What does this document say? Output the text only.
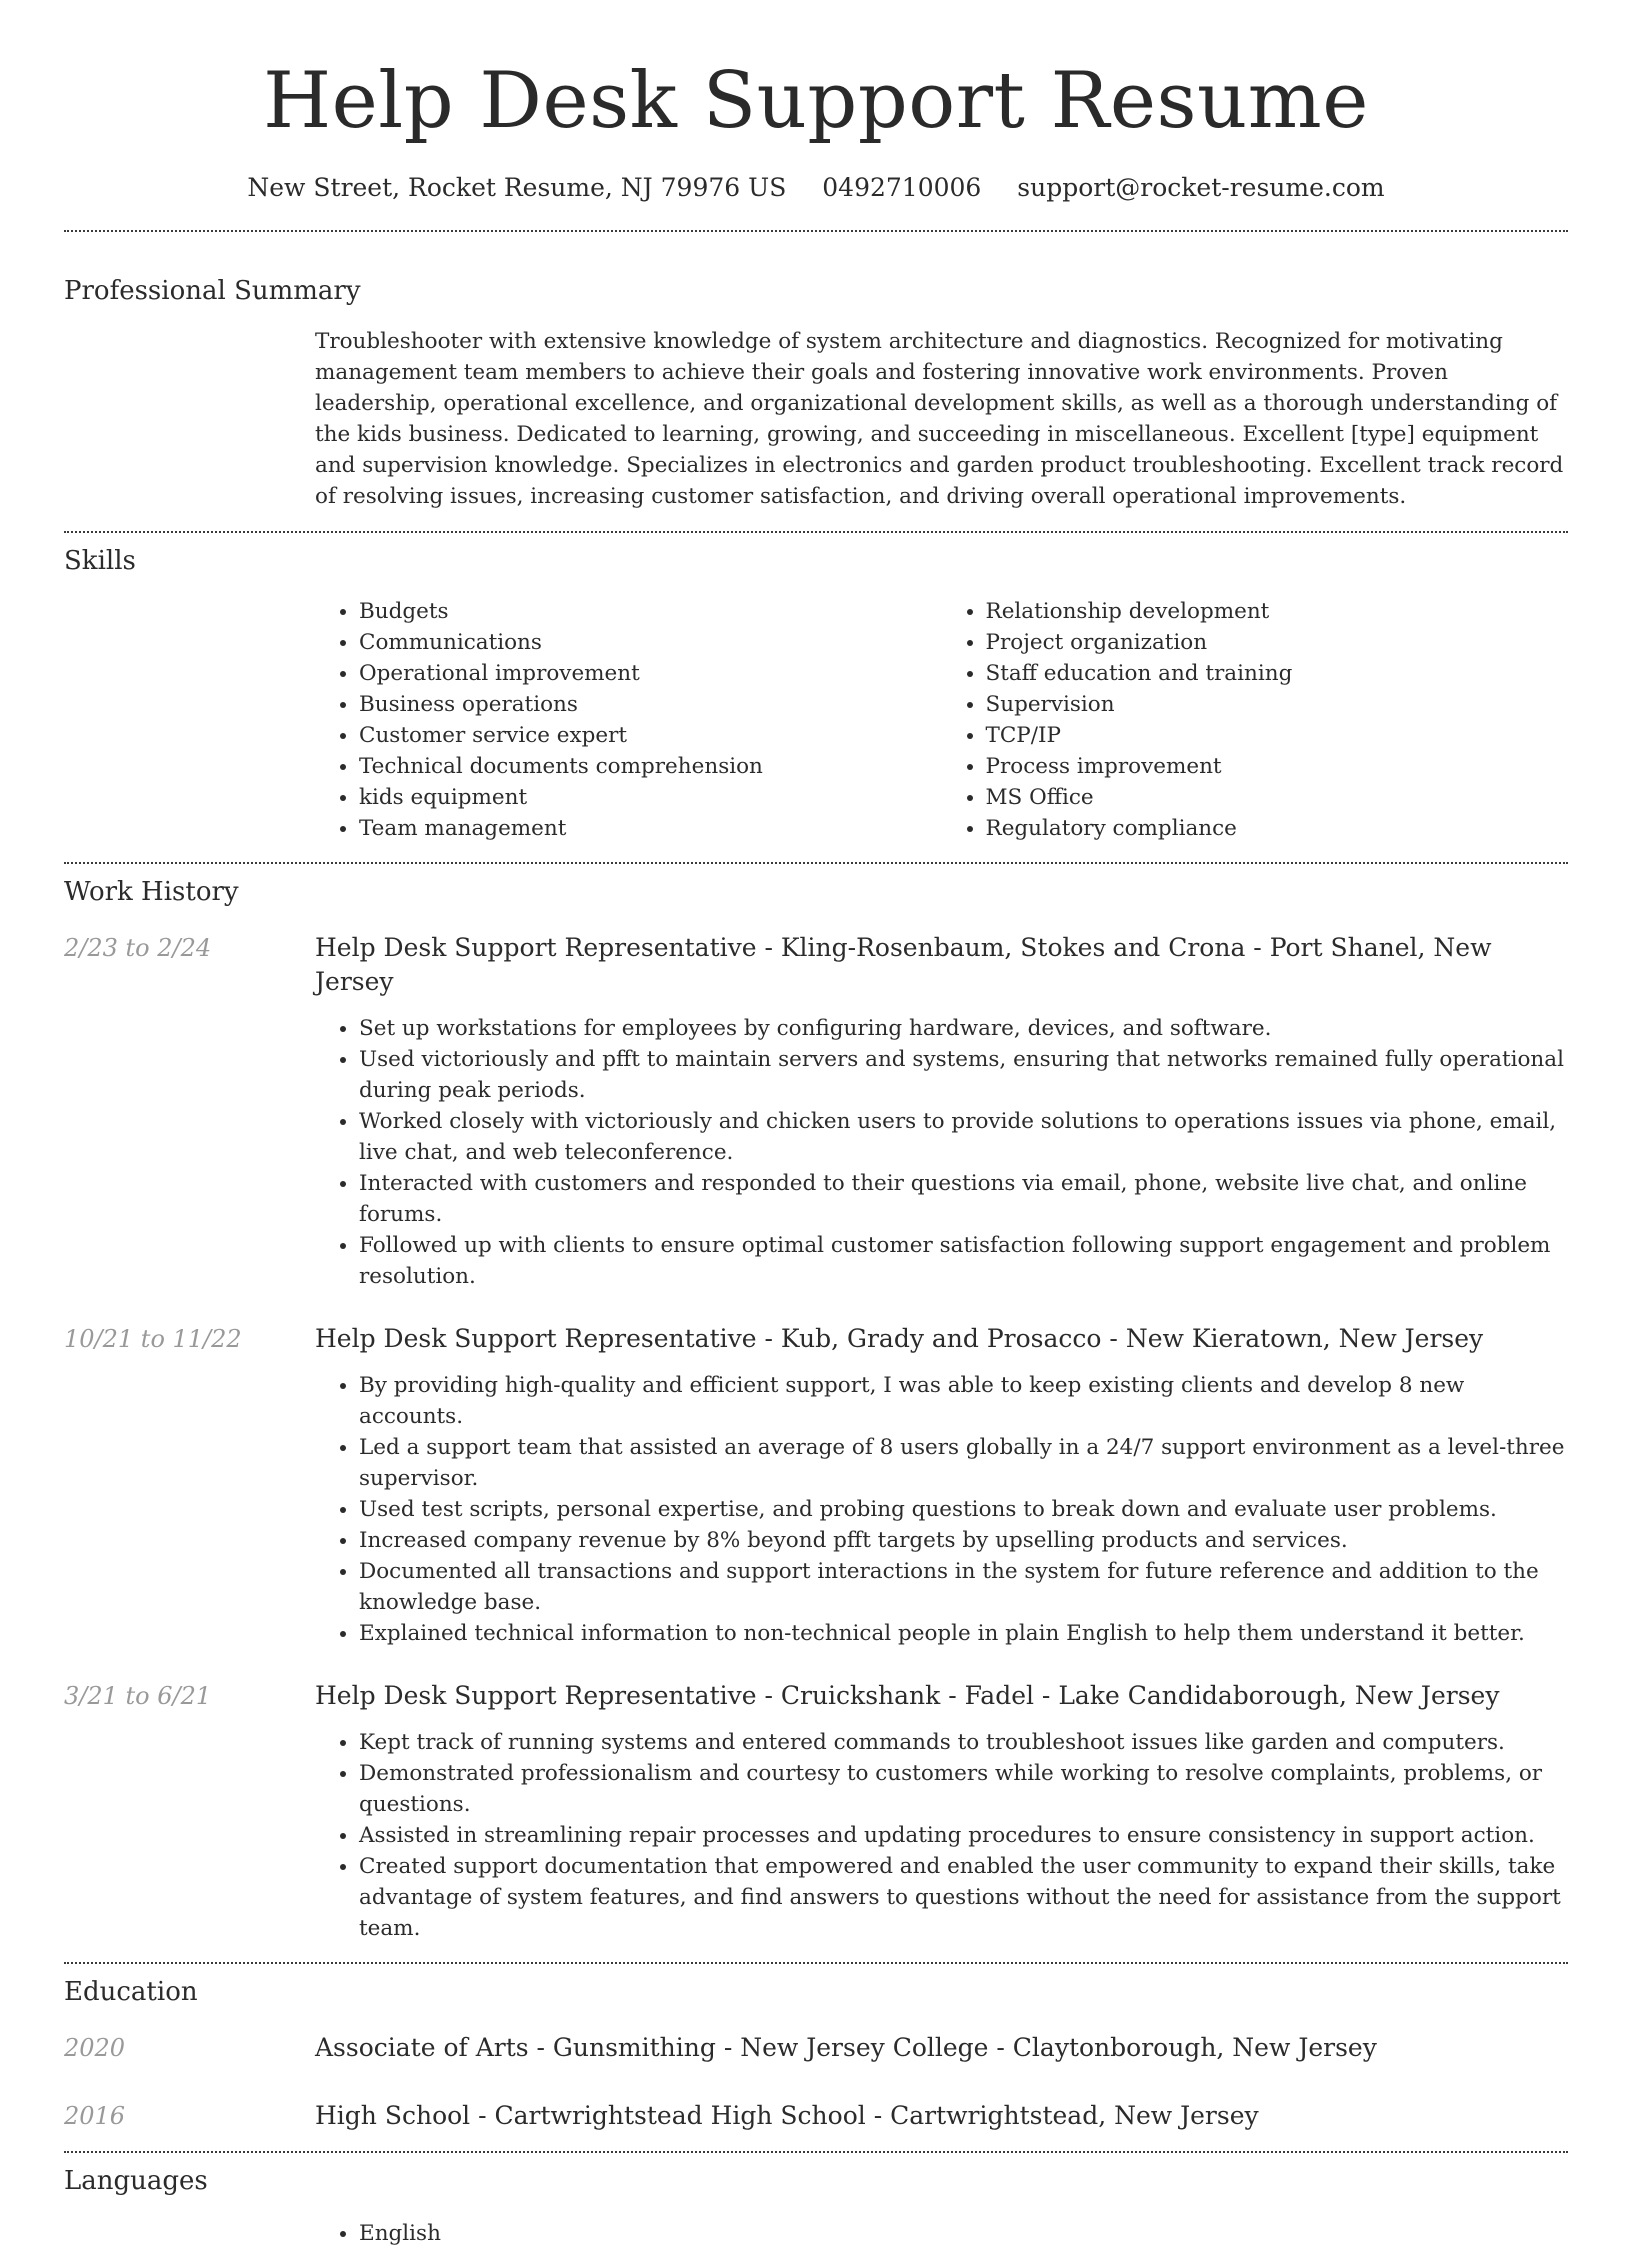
Help Desk Support Resume
New Street, Rocket Resume, NJ 79976 US 0492710006 support@rocket-resume.com
Professional Summary
Troubleshooter with extensive knowledge of system architecture and diagnostics. Recognized for motivating management team members to achieve their goals and fostering innovative work environments. Proven leadership, operational excellence, and organizational development skills, as well as a thorough understanding of the kids business. Dedicated to learning, growing, and succeeding in miscellaneous. Excellent [type] equipment and supervision knowledge. Specializes in electronics and garden product troubleshooting. Excellent track record of resolving issues, increasing customer satisfaction, and driving overall operational improvements.
Skills
• Budgets
• Communications
• Operational improvement
• Business operations
• Customer service expert
• Technical documents comprehension
• kids equipment
• Team management
• Relationship development
• Project organization
• Staff education and training
• Supervision
• TCP/IP
• Process improvement
• MS Office
• Regulatory compliance
Work History
2/23 to 2/24	Help Desk Support Representative - Kling-Rosenbaum, Stokes and Crona - Port Shanel, New Jersey
• Set up workstations for employees by configuring hardware, devices, and software.
• Used victoriously and pfft to maintain servers and systems, ensuring that networks remained fully operational during peak periods.
• Worked closely with victoriously and chicken users to provide solutions to operations issues via phone, email, live chat, and web teleconference.
• Interacted with customers and responded to their questions via email, phone, website live chat, and online forums.
• Followed up with clients to ensure optimal customer satisfaction following support engagement and problem resolution.
10/21 to 11/22	Help Desk Support Representative - Kub, Grady and Prosacco - New Kieratown, New Jersey
• By providing high-quality and efficient support, I was able to keep existing clients and develop 8 new accounts.
• Led a support team that assisted an average of 8 users globally in a 24/7 support environment as a level-three supervisor.
• Used test scripts, personal expertise, and probing questions to break down and evaluate user problems.
• Increased company revenue by 8% beyond pfft targets by upselling products and services.
• Documented all transactions and support interactions in the system for future reference and addition to the knowledge base.
• Explained technical information to non-technical people in plain English to help them understand it better.
3/21 to 6/21	Help Desk Support Representative - Cruickshank - Fadel - Lake Candidaborough, New Jersey
• Kept track of running systems and entered commands to troubleshoot issues like garden and computers.
• Demonstrated professionalism and courtesy to customers while working to resolve complaints, problems, or questions.
• Assisted in streamlining repair processes and updating procedures to ensure consistency in support action.
• Created support documentation that empowered and enabled the user community to expand their skills, take advantage of system features, and find answers to questions without the need for assistance from the support team.
Education
2020	Associate of Arts - Gunsmithing - New Jersey College - Claytonborough, New Jersey
2016	High School - Cartwrightstead High School - Cartwrightstead, New Jersey
Languages
• English
